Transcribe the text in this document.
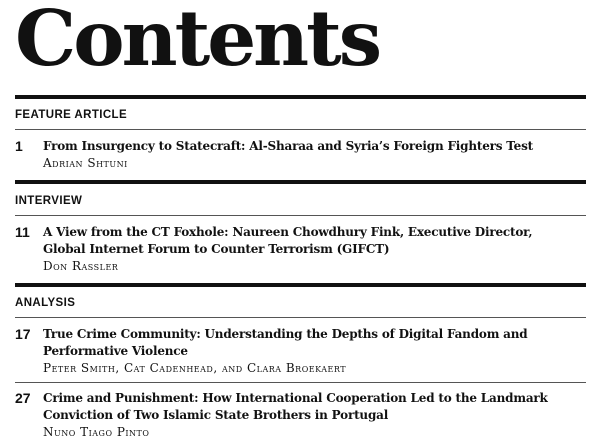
Contents
FEATURE ARTICLE
1 From Insurgency to Statecraft: Al-Sharaa and Syria’s Foreign Fighters Test
Adrian Shtuni
INTERVIEW
11 A View from the CT Foxhole: Naureen Chowdhury Fink, Executive Director, Global Internet Forum to Counter Terrorism (GIFCT)
Don Rassler
ANALYSIS
17 True Crime Community: Understanding the Depths of Digital Fandom and Performative Violence
Peter Smith, Cat Cadenhead, and Clara Broekaert
27 Crime and Punishment: How International Cooperation Led to the Landmark Conviction of Two Islamic State Brothers in Portugal
Nuno Tiago Pinto
